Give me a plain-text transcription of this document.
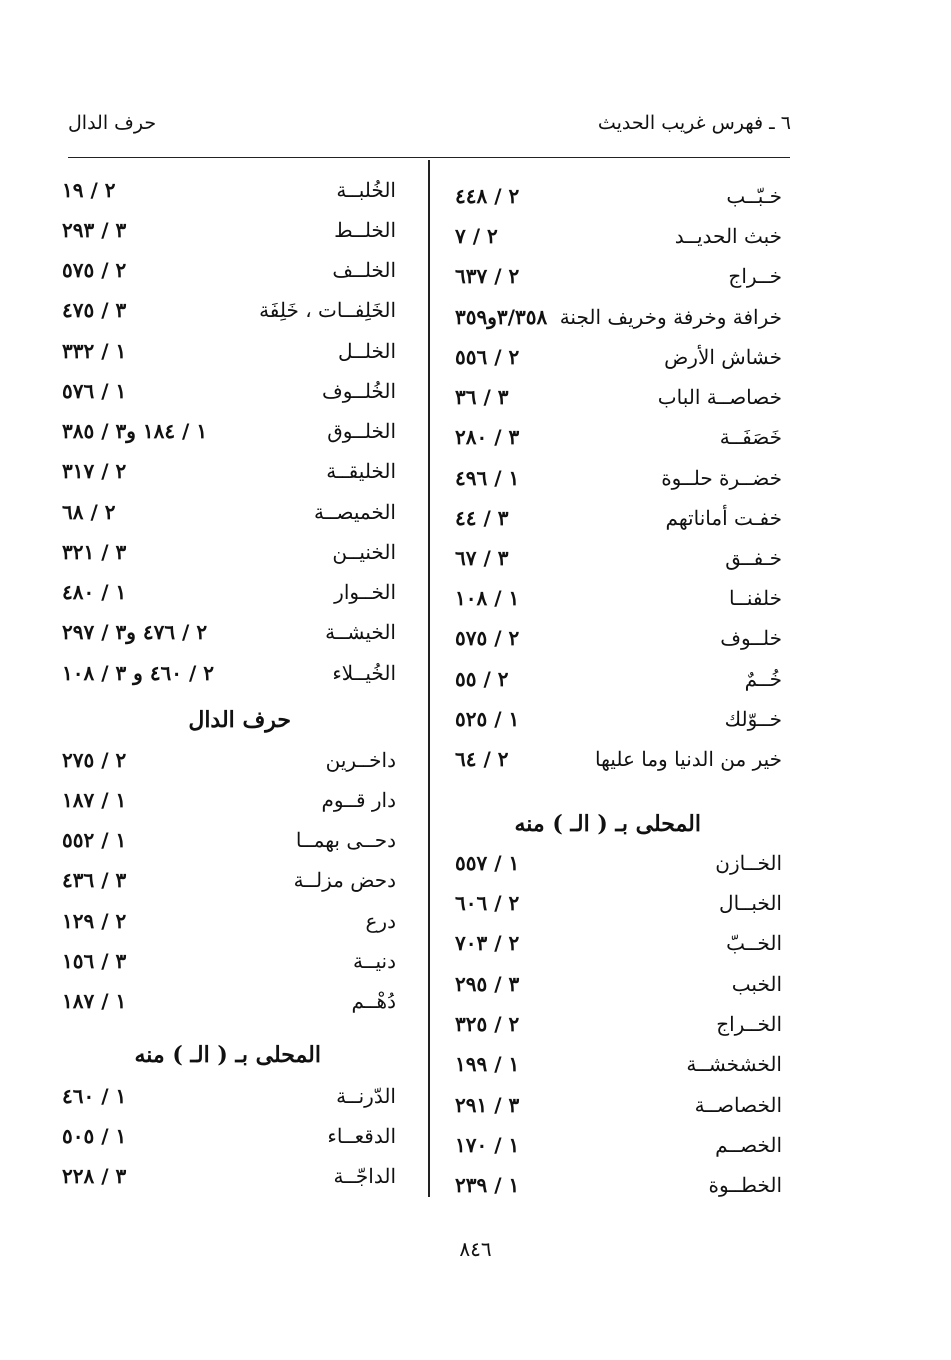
٦ ـ فهرس غريب الحديث
حرف الدال
خـبّــب
٢ / ٤٤٨
خبث الحديــد
٢ / ٧
خــراج
٢ / ٦٣٧
خرافة وخرفة وخريف الجنة
٣/٣٥٨و٣٥٩
خشاش الأرض
٢ / ٥٥٦
خصاصــة الباب
٣ / ٣٦
خَصَفَــة
٣ / ٢٨٠
خضــرة حلــوة
١ / ٤٩٦
خفـت أماناتهم
٣ / ٤٤
خـفــق
٣ / ٦٧
خلفنــا
١ / ١٠٨
خلــوف
٢ / ٥٧٥
خُــمٌ
٢ / ٥٥
خــوّلك
١ / ٥٢٥
خير من الدنيا وما عليها
٢ / ٦٤
المحلى بـ ( الـ ) منه
الخــازن
١ / ٥٥٧
الخبــال
٢ / ٦٠٦
الخــبّ
٢ / ٧٠٣
الخبب
٣ / ٢٩٥
الخــراج
٢ / ٣٢٥
الخشخشــة
١ / ١٩٩
الخصاصــة
٣ / ٢٩١
الخصــم
١ / ١٧٠
الخطــوة
١ / ٢٣٩
الخُلبــة
٢ / ١٩
الخلــط
٣ / ٢٩٣
الخلــف
٢ / ٥٧٥
الخَلِفــات ، خَلِفَة
٣ / ٤٧٥
الخلــل
١ / ٣٣٢
الخُلــوف
١ / ٥٧٦
الخلــوق
١ / ١٨٤ و٣ / ٣٨٥
الخليقــة
٢ / ٣١٧
الخميصــة
٢ / ٦٨
الخنيــن
٣ / ٣٢١
الخــوار
١ / ٤٨٠
الخيشــة
٢ / ٤٧٦ و٣ / ٢٩٧
الخُيــلاء
٢ / ٤٦٠ و ٣ / ١٠٨
حرف الدال
داخــرين
٢ / ٢٧٥
دار قــوم
١ / ١٨٧
دحــى بهمــا
١ / ٥٥٢
دحض مزلــة
٣ / ٤٣٦
درع
٢ / ١٢٩
دنيــة
٣ / ١٥٦
دُهْــم
١ / ١٨٧
المحلى بـ ( الـ ) منه
الدّرنــة
١ / ٤٦٠
الدقعــاء
١ / ٥٠٥
الداجّــة
٣ / ٢٢٨
٨٤٦
